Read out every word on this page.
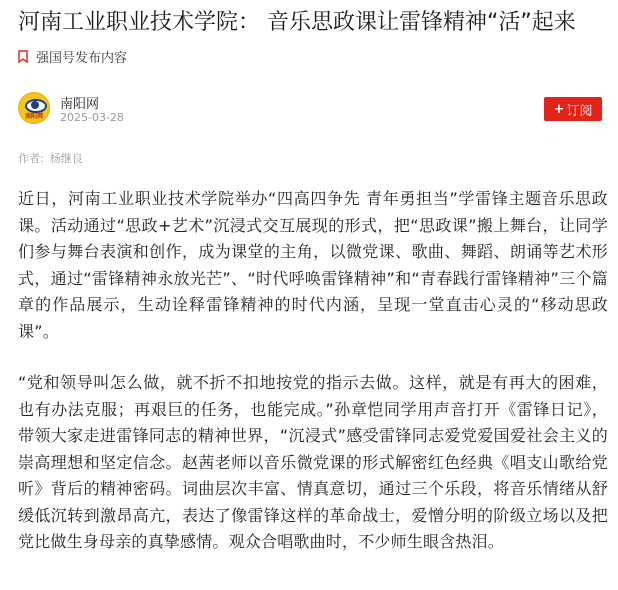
河南工业职业技术学院： 音乐思政课让雷锋精神“活”起来
强国号发布内容
南阳网
南阳网
2025-03-28
+ 订阅
作者: 杨继良

近日，河南工业职业技术学院举办“四高四争先 青年勇担当”学雷锋主题音乐思政课。活动通过“思政+艺术”沉浸式交互展现的形式，把“思政课”搬上舞台，让同学们参与舞台表演和创作，成为课堂的主角，以微党课、歌曲、舞蹈、朗诵等艺术形式，通过“雷锋精神永放光芒”、“时代呼唤雷锋精神”和“青春践行雷锋精神”三个篇章的作品展示，生动诠释雷锋精神的时代内涵，呈现一堂直击心灵的“移动思政课”。

“党和领导叫怎么做，就不折不扣地按党的指示去做。这样，就是有再大的困难，也有办法克服；再艰巨的任务，也能完成。”孙章恺同学用声音打开《雷锋日记》，带领大家走进雷锋同志的精神世界，“沉浸式”感受雷锋同志爱党爱国爱社会主义的崇高理想和坚定信念。赵茜老师以音乐微党课的形式解密红色经典《唱支山歌给党听》背后的精神密码。词曲层次丰富、情真意切，通过三个乐段，将音乐情绪从舒缓低沉转到激昂高亢，表达了像雷锋这样的革命战士，爱憎分明的阶级立场以及把党比做生身母亲的真挚感情。观众合唱歌曲时，不少师生眼含热泪。
